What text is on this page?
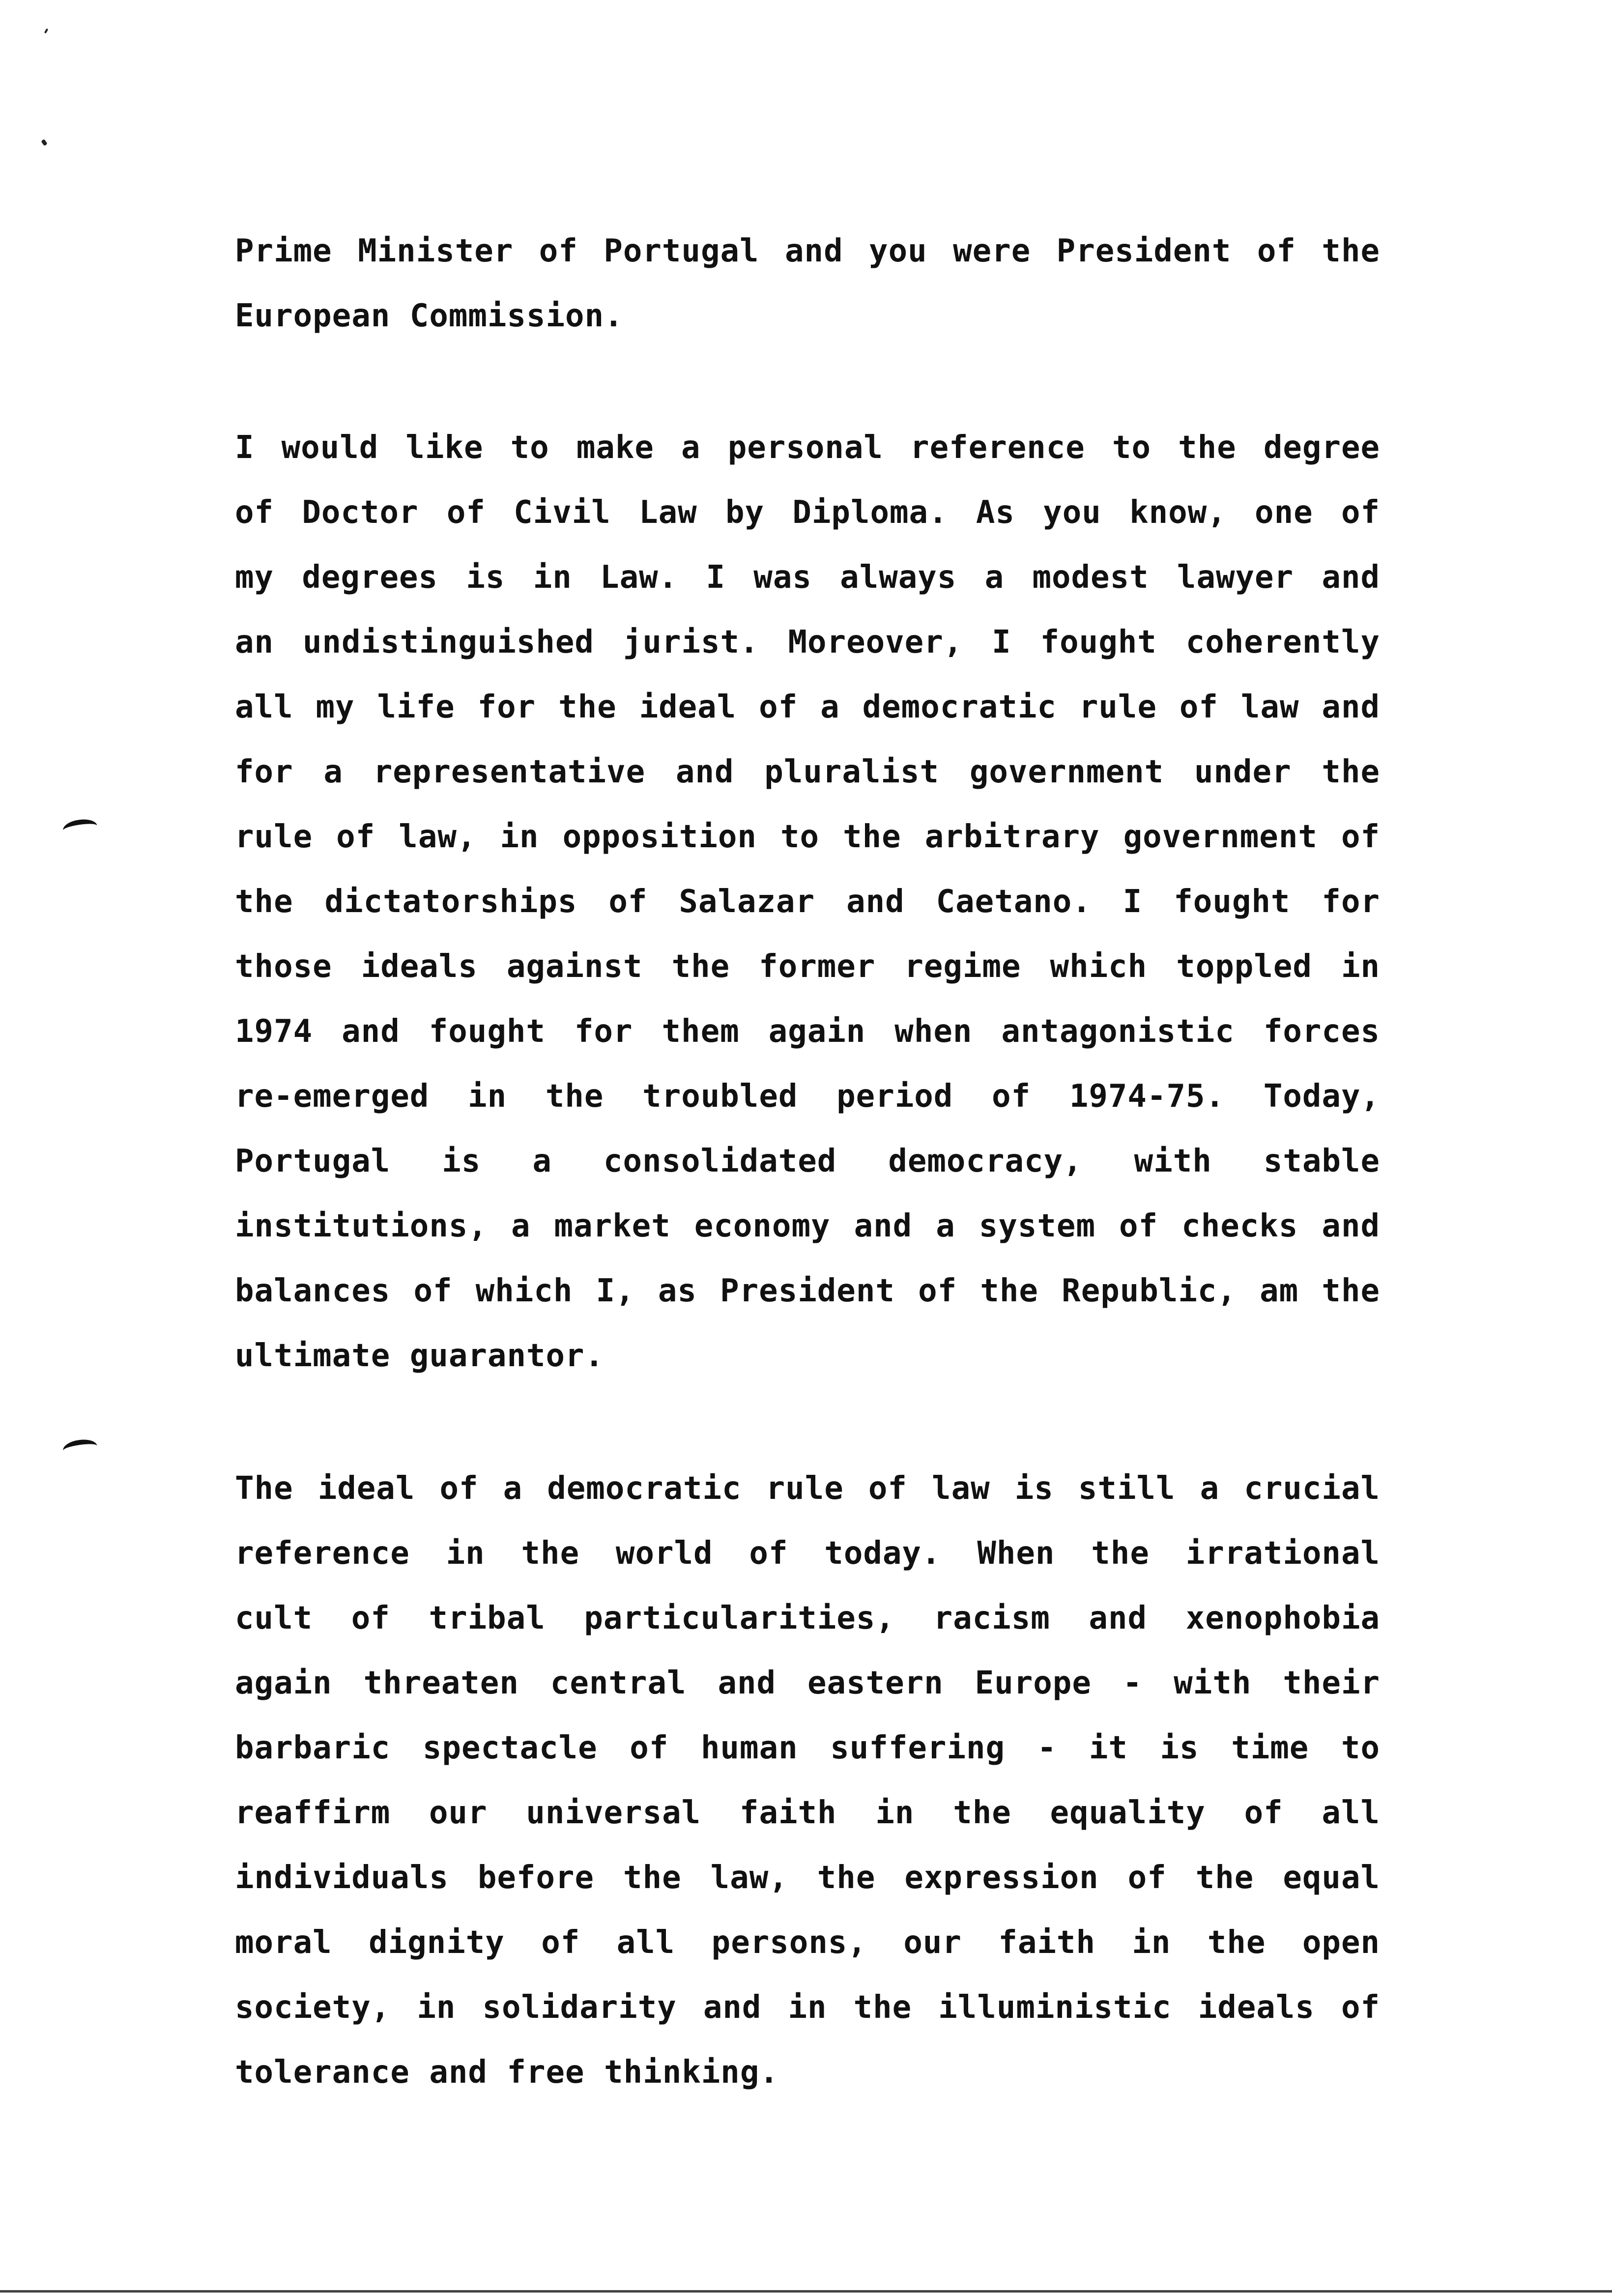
Prime Minister of Portugal and you were President of the
European Commission.
I would like to make a personal reference to the degree
of Doctor of Civil Law by Diploma. As you know, one of
my degrees is in Law. I was always a modest lawyer and
an undistinguished jurist. Moreover, I fought coherently
all my life for the ideal of a democratic rule of law and
for a representative and pluralist government under the
rule of law, in opposition to the arbitrary government of
the dictatorships of Salazar and Caetano. I fought for
those ideals against the former regime which toppled in
1974 and fought for them again when antagonistic forces
re-emerged in the troubled period of 1974-75. Today,
Portugal is a consolidated democracy, with stable
institutions, a market economy and a system of checks and
balances of which I, as President of the Republic, am the
ultimate guarantor.
The ideal of a democratic rule of law is still a crucial
reference in the world of today. When the irrational
cult of tribal particularities, racism and xenophobia
again threaten central and eastern Europe - with their
barbaric spectacle of human suffering - it is time to
reaffirm our universal faith in the equality of all
individuals before the law, the expression of the equal
moral dignity of all persons, our faith in the open
society, in solidarity and in the illuministic ideals of
tolerance and free thinking.
